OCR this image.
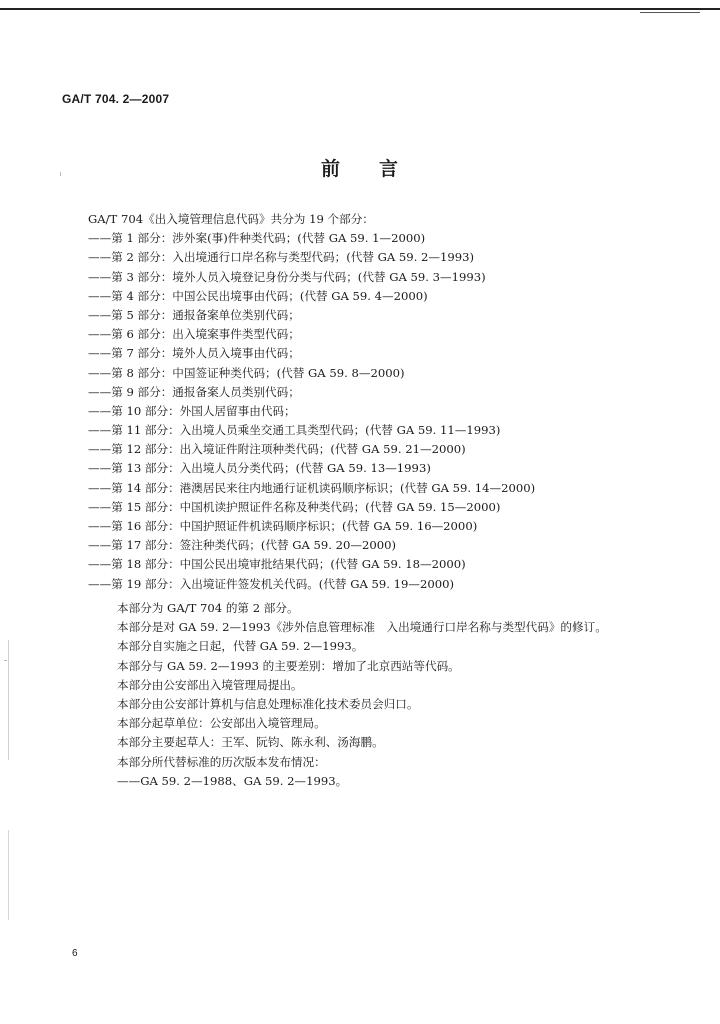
GA/T 704. 2—2007
前 言
GA/T 704《出入境管理信息代码》共分为 19 个部分：
——第 1 部分：涉外案(事)件种类代码；(代替 GA 59. 1—2000)
——第 2 部分：入出境通行口岸名称与类型代码；(代替 GA 59. 2—1993)
——第 3 部分：境外人员入境登记身份分类与代码；(代替 GA 59. 3—1993)
——第 4 部分：中国公民出境事由代码；(代替 GA 59. 4—2000)
——第 5 部分：通报备案单位类别代码；
——第 6 部分：出入境案事件类型代码；
——第 7 部分：境外人员入境事由代码；
——第 8 部分：中国签证种类代码；(代替 GA 59. 8—2000)
——第 9 部分：通报备案人员类别代码；
——第 10 部分：外国人居留事由代码；
——第 11 部分：入出境人员乘坐交通工具类型代码；(代替 GA 59. 11—1993)
——第 12 部分：出入境证件附注项种类代码；(代替 GA 59. 21—2000)
——第 13 部分：入出境人员分类代码；(代替 GA 59. 13—1993)
——第 14 部分：港澳居民来往内地通行证机读码顺序标识；(代替 GA 59. 14—2000)
——第 15 部分：中国机读护照证件名称及种类代码；(代替 GA 59. 15—2000)
——第 16 部分：中国护照证件机读码顺序标识；(代替 GA 59. 16—2000)
——第 17 部分：签注种类代码；(代替 GA 59. 20—2000)
——第 18 部分：中国公民出境审批结果代码；(代替 GA 59. 18—2000)
——第 19 部分：入出境证件签发机关代码。(代替 GA 59. 19—2000)
本部分为 GA/T 704 的第 2 部分。
本部分是对 GA 59. 2—1993《涉外信息管理标准　入出境通行口岸名称与类型代码》的修订。
本部分自实施之日起，代替 GA 59. 2—1993。
本部分与 GA 59. 2—1993 的主要差别：增加了北京西站等代码。
本部分由公安部出入境管理局提出。
本部分由公安部计算机与信息处理标准化技术委员会归口。
本部分起草单位：公安部出入境管理局。
本部分主要起草人：王军、阮钧、陈永利、汤海鹏。
本部分所代替标准的历次版本发布情况：
——GA 59. 2—1988、GA 59. 2—1993。
6
